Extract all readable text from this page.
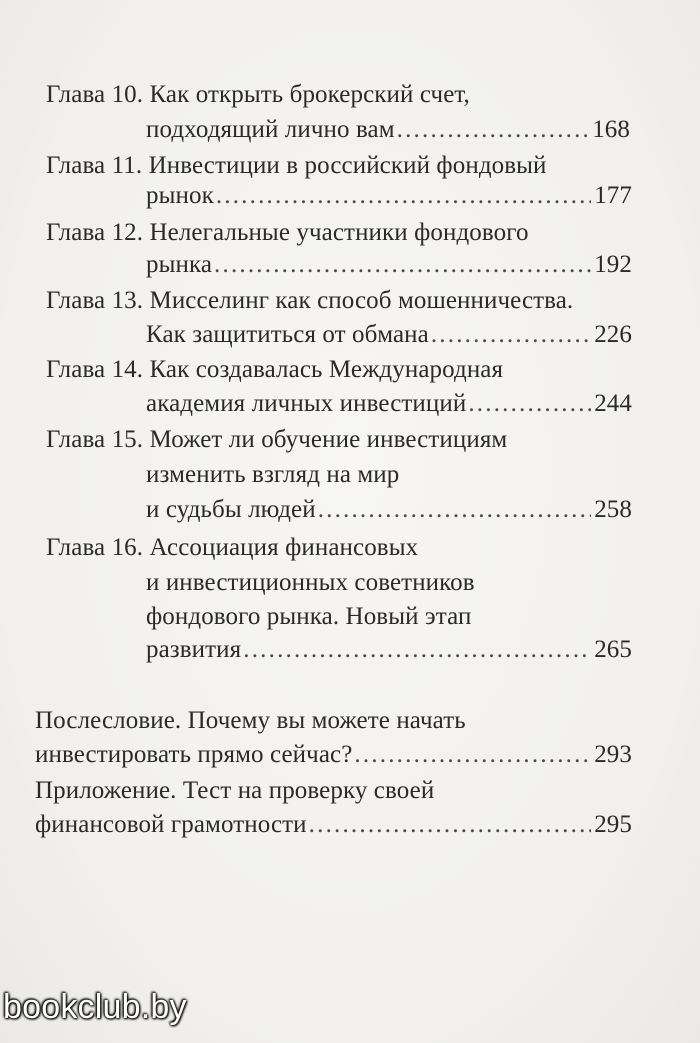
Глава 10. Как открыть брокерский счет,
подходящий лично вам .....	168
Глава 11. Инвестиции в российский фондовый
рынок .....	177
Глава 12. Нелегальные участники фондового
рынка .....	192
Глава 13. Мисселинг как способ мошенничества.
Как защититься от обмана .....	226
Глава 14. Как создавалась Международная
академия личных инвестиций .....	244
Глава 15. Может ли обучение инвестициям
изменить взгляд на мир
и судьбы людей .....	258
Глава 16. Ассоциация финансовых
и инвестиционных советников
фондового рынка. Новый этап
развития .....	265
Послесловие. Почему вы можете начать
инвестировать прямо сейчас? .....	293
Приложение. Тест на проверку своей
финансовой грамотности .....	295
bookclub.by
